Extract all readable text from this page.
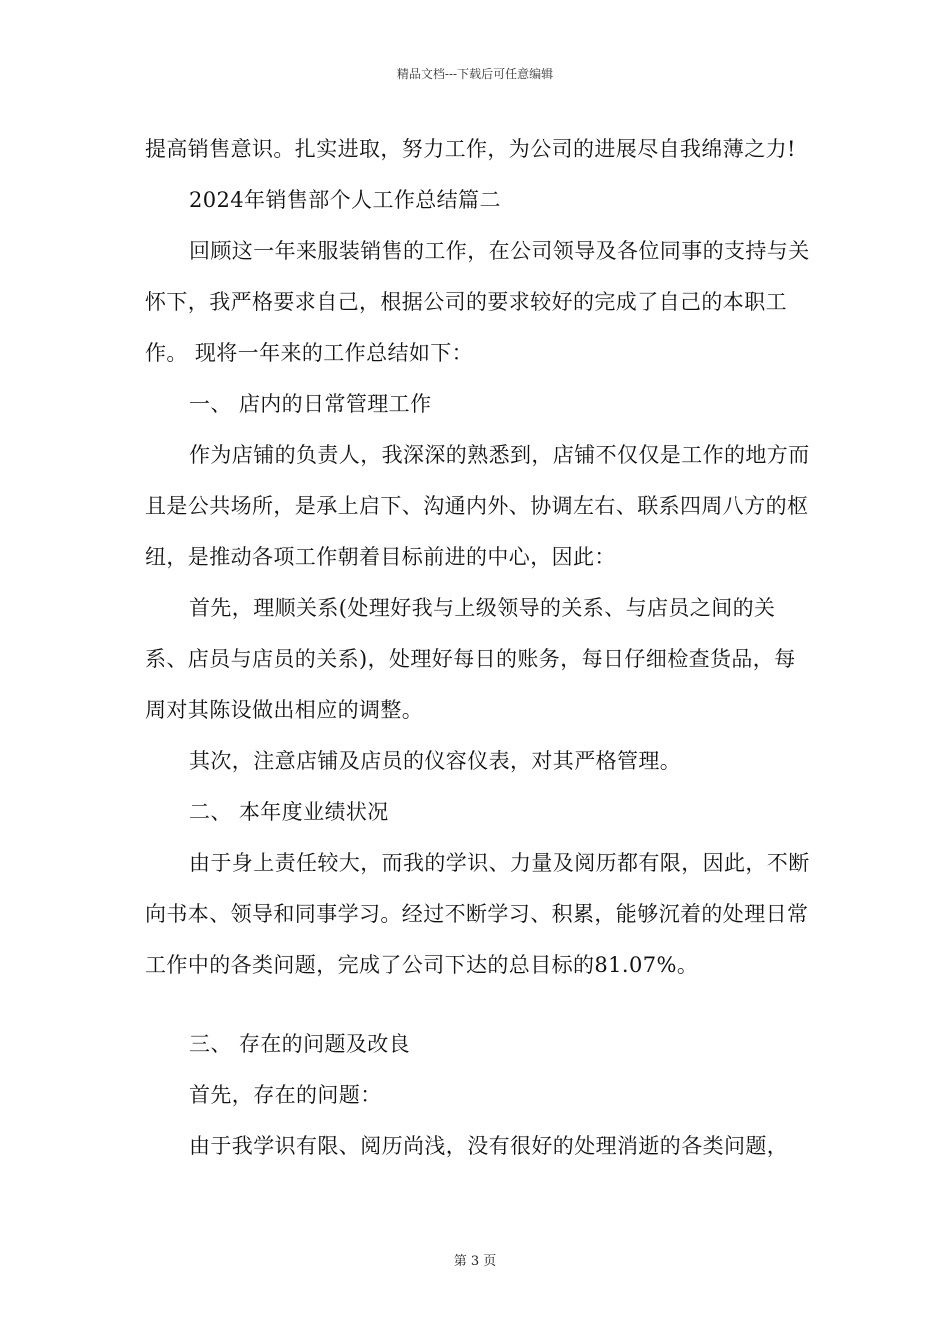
精品文档---下载后可任意编辑

提高销售意识。扎实进取，努力工作，为公司的进展尽自我绵薄之力!

2024年销售部个人工作总结篇二

回顾这一年来服装销售的工作，在公司领导及各位同事的支持与关怀下，我严格要求自己，根据公司的要求较好的完成了自己的本职工作。 现将一年来的工作总结如下：

一、 店内的日常管理工作

作为店铺的负责人，我深深的熟悉到，店铺不仅仅是工作的地方而且是公共场所，是承上启下、沟通内外、协调左右、联系四周八方的枢纽，是推动各项工作朝着目标前进的中心，因此：

首先，理顺关系(处理好我与上级领导的关系、与店员之间的关系、店员与店员的关系)，处理好每日的账务，每日仔细检查货品，每周对其陈设做出相应的调整。

其次，注意店铺及店员的仪容仪表，对其严格管理。

二、 本年度业绩状况

由于身上责任较大，而我的学识、力量及阅历都有限，因此，不断向书本、领导和同事学习。经过不断学习、积累，能够沉着的处理日常工作中的各类问题，完成了公司下达的总目标的81.07%。

三、 存在的问题及改良

首先，存在的问题：

由于我学识有限、阅历尚浅，没有很好的处理消逝的各类问题，

第 3 页
